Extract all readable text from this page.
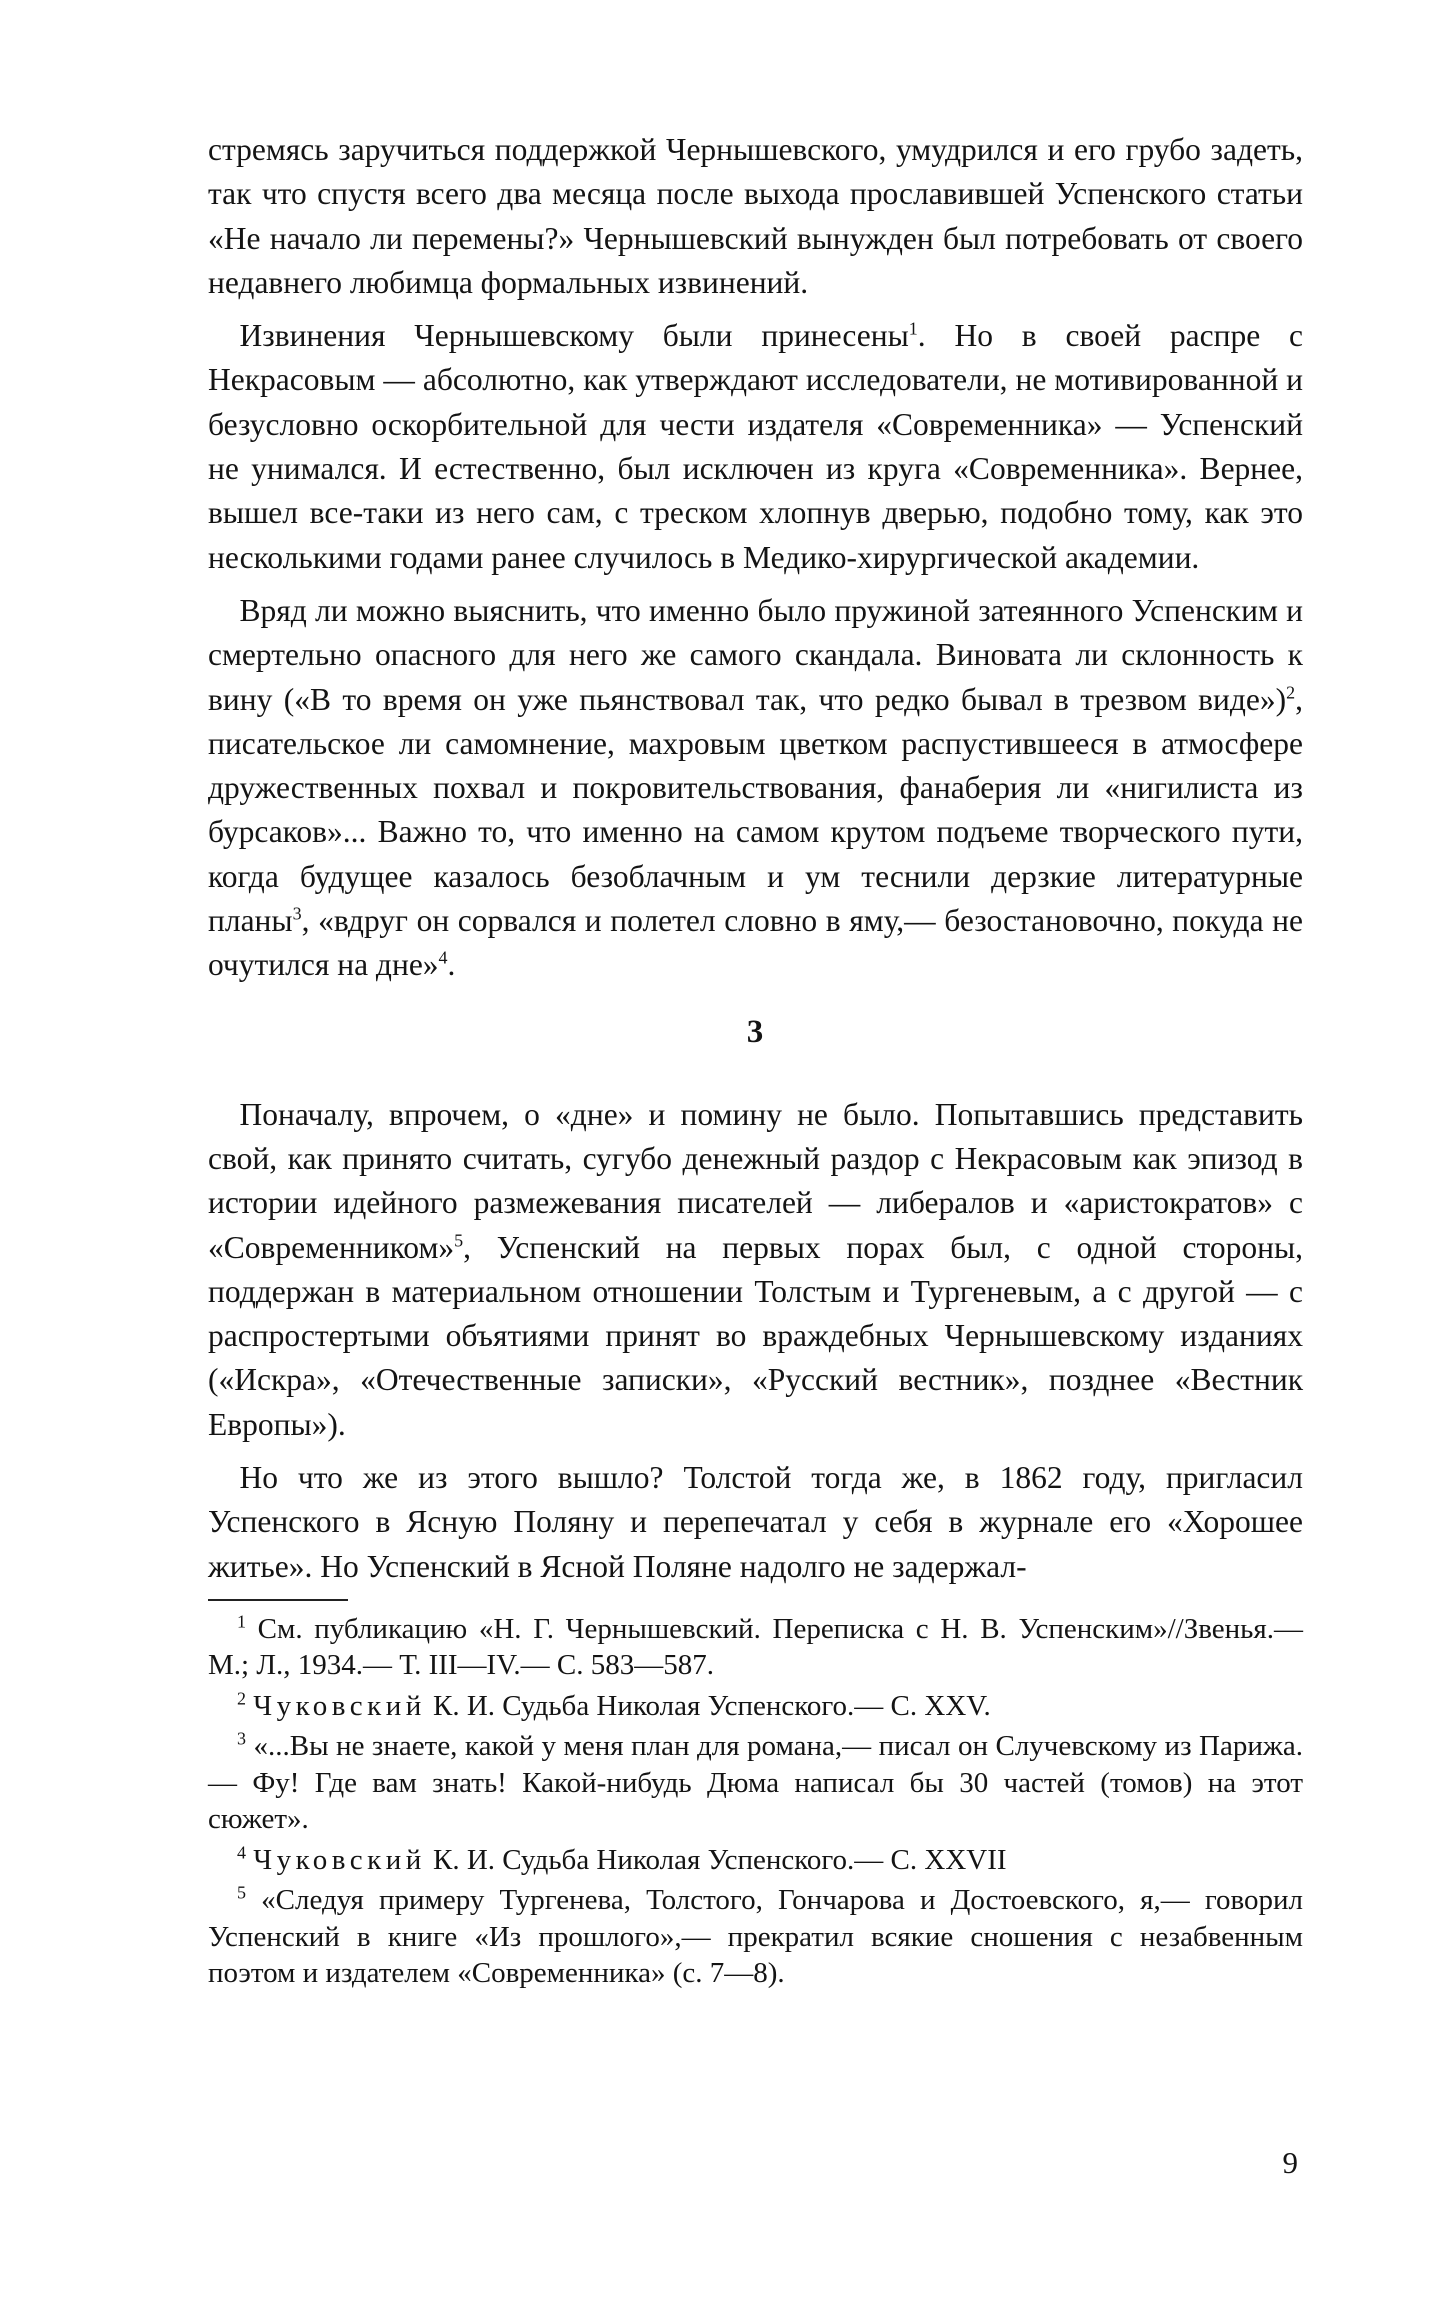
стремясь заручиться поддержкой Чернышевского, умудрился и его грубо задеть, так что спустя всего два месяца после выхода прославившей Успенского статьи «Не начало ли перемены?» Чернышевский вынужден был потребовать от своего недавнего любимца формальных извинений.

 Извинения Чернышевскому были принесены$^1$. Но в своей распре с Некрасовым — абсолютно, как утверждают исследователи, не мотивированной и безусловно оскорбительной для чести издателя «Современника» — Успенский не унимался. И естественно, был исключен из круга «Современника». Вернее, вышел все-таки из него сам, с треском хлопнув дверью, подобно тому, как это несколькими годами ранее случилось в Медико-хирургической академии.

 Вряд ли можно выяснить, что именно было пружиной затеянного Успенским и смертельно опасного для него же самого скандала. Виновата ли склонность к вину («В то время он уже пьянствовал так, что редко бывал в трезвом виде»)$^2$, писательское ли самомнение, махровым цветком распустившееся в атмосфере дружественных похвал и покровительствования, фанаберия ли «нигилиста из бурсаков»... Важно то, что именно на самом крутом подъеме творческого пути, когда будущее казалось безоблачным и ум теснили дерзкие литературные планы$^3$, «вдруг он сорвался и полетел словно в яму,— безостановочно, покуда не очутился на дне»$^4$.

3

 Поначалу, впрочем, о «дне» и помину не было. Попытавшись представить свой, как принято считать, сугубо денежный раздор с Некрасовым как эпизод в истории идейного размежевания писателей — либералов и «аристократов» с «Современником»$^5$, Успенский на первых порах был, с одной стороны, поддержан в материальном отношении Толстым и Тургеневым, а с другой — с распростертыми объятиями принят во враждебных Чернышевскому изданиях («Искра», «Отечественные записки», «Русский вестник», позднее «Вестник Европы»).

 Но что же из этого вышло? Толстой тогда же, в 1862 году, пригласил Успенского в Ясную Поляну и перепечатал у себя в журнале его «Хорошее житье». Но Успенский в Ясной Поляне надолго не задержал-

 $^1$ См. публикацию «Н. Г. Чернышевский. Переписка с Н. В. Успенским»//Звенья.— М.; Л., 1934.— Т. III—IV.— С. 583—587.

 $^2$ Чуковский К. И. Судьба Николая Успенского.— С. XXV.

 $^3$ «...Вы не знаете, какой у меня план для романа,— писал он Случевскому из Парижа.— Фу! Где вам знать! Какой-нибудь Дюма написал бы 30 частей (томов) на этот сюжет».

 $^4$ Чуковский К. И. Судьба Николая Успенского.— С. XXVII

 $^5$ «Следуя примеру Тургенева, Толстого, Гончарова и Достоевского, я,— говорил Успенский в книге «Из прошлого»,— прекратил всякие сношения с незабвенным поэтом и издателем «Современника» (с. 7—8).

9
